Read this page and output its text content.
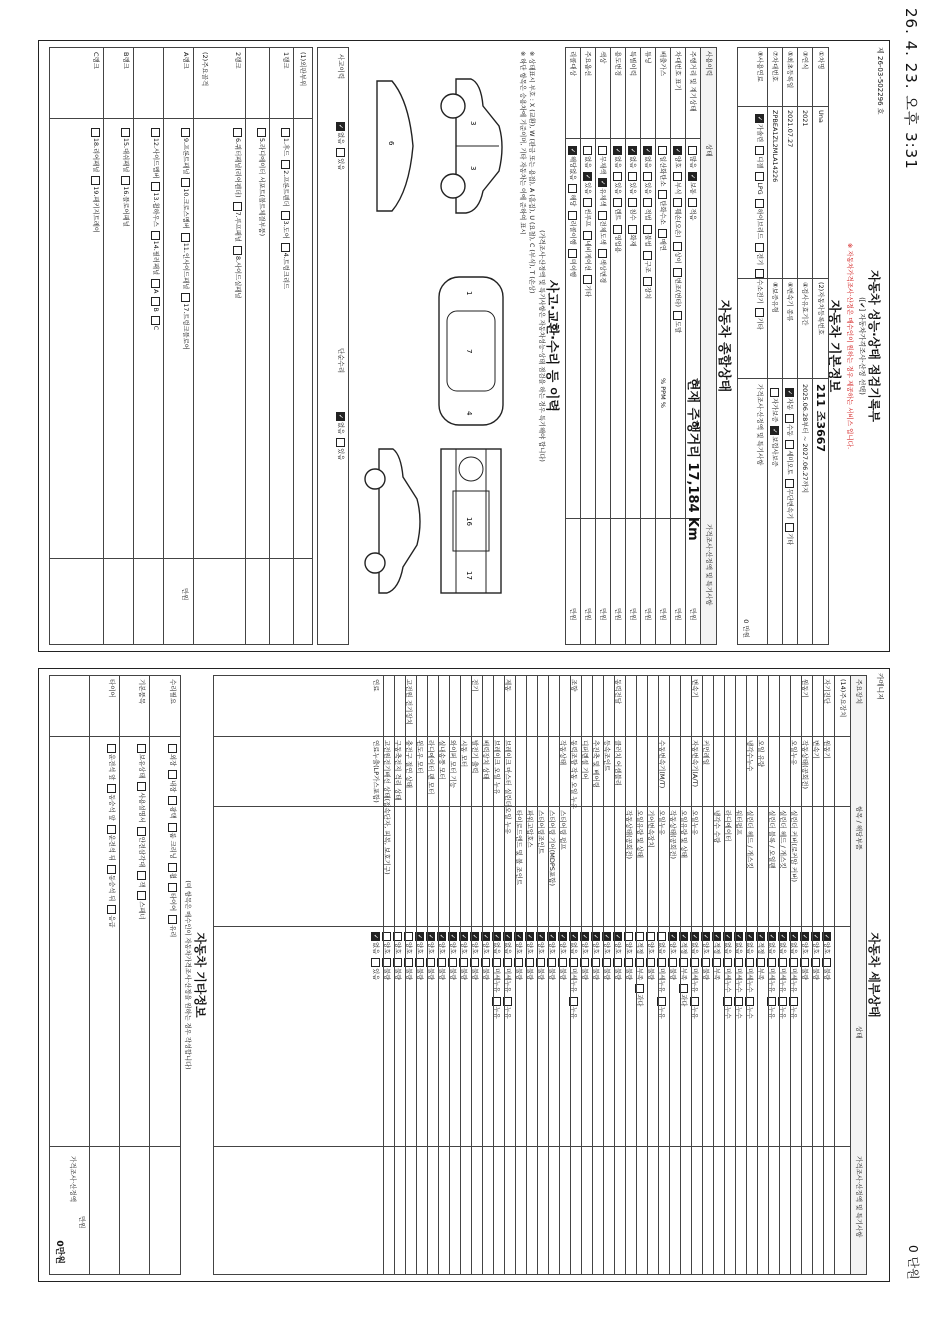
26. 4. 23. 오후 3:31
0 단원
제 26-03-502296 호
자동차 성능·상태 점검기록부
([✔] 자동차가격조사·산정 선택)
※ 자동차가격조사·산정은 매수인이 원하는 경우 제공하는 서비스 입니다.
자동차 기본정보
①차명
Una
(2)자동차등록번호
211 조3667
③연식
2021
④검사유효기간
2025.06.28부터 ~ 2027.06.27까지
⑤최초등록일
2021.07.27
⑥변속기 종류
✓자동수동세미오토무단변속기기타
⑦차대번호
ZPBEA1ZL2MLA14226
⑧보증유형
자가보증✓보험사보증
⑨사용연료
✓가솔린디젤LPG하이브리드전기수소전기기타
가격조사·산정액 및 특기사항
0 만원
자동차 종합상태
사용이력
상태
가격조사·산정액 및 특기사항
주행거리 및 계기상태
많음✓보통적음
현재 주행거리 17,184 Km
만원
차대번호 표기
✓양호부식훼손(오손)상이변조(변타)도말
만원
배출가스
일산화탄소탄화수소매연
% PPM %
만원
튜닝
✓없음있음적법불법구조장치
만원
특별이력
✓없음있음침수화재
만원
용도변경
✓없음있음렌트영업용
만원
색상
무채색✓유채색전체도색색상변경
만원
주요옵션
없음✓있음썬루프네비게이션기타
만원
리콜대상
✓해당없음해당리콜이행미이행
만원
사고·교환·수리 등 이력
(가격조사·산정액 및 특기사항은 자동차성능·상태 점검을 하는 경우 특기해야 합니다)
※ 상태표시 부호 : X (교환), W (판금 또는 용접), A (흠집), U (요철), C (부식), T (손상)
※ 하단 항목은 승용차에 기준이며, 기타 자동차는 이에 준하여 표시
3
3
1
7
4
16
17
6
사고이력
✓없음있음
단순수리
✓없음있음
(1)외판부위
(2)주요골격
만원
1랭크
1.후드2.프론트펜더3.도어4.트렁크리드
5.라디에이터 서포트(볼트체결부품)
2랭크
6.쿼터패널(리어펜더)7.루프패널8.사이드실패널
A랭크
9.프론트패널10.크로스멤버11.인사이드패널17.트렁크플로어
12.사이드멤버13.휠하우스14.필러패널ABC
B랭크
15.대쉬패널16.플로어패널
C랭크
18.리어패널19.패키지트레이
카메니저
자동차 세부상태
주요장치
항목 / 해당부품
상태
가격조사·산정액 및 특기사항
(14)주요장치
자기진단
원동기
✓양호불량
변속기
✓양호불량
원동기
작동상태(공회전)
✓양호불량
오일누유
실린더 커버(로커암 커버)
✓없음미세누유누유
실린더 헤드 / 개스킷
✓없음미세누유누유
실린더 블록 / 오일팬
✓없음미세누유누유
오일 유량
✓적정부족
냉각수누수
실린더 헤드 / 개스킷
✓없음미세누수누수
워터펌프
✓없음미세누수누수
라디에이터
✓없음미세누수누수
냉각수 수량
✓적정부족
커먼레일
✓양호불량
변속기
자동변속기(A/T)
오일누유
✓없음미세누유누유
오일유량 및 상태
✓적정부족과다
작동상태(공회전)
✓양호불량
수동변속기(M/T)
오일누유
없음미세누유누유
기어변속장치
양호불량
오일유량 및 상태
적정부족과다
작동상태(공회전)
양호불량
동력전달
클러치 어셈블리
✓양호불량
등속조인트
✓양호불량
추진축 및 베어링
✓양호불량
디퍼렌셜 기어
✓양호불량
조향
동력조향 작동 오일 누유
✓없음미세누유누유
작동상태
스티어링 펌프
✓양호불량
스티어링 기어(MDPS포함)
✓양호불량
스티어링조인트
✓양호불량
파워고압호스
✓양호불량
타이로드엔드 및 볼 조인트
✓양호불량
제동
브레이크 마스터 실린더오일 누유
✓없음미세누유누유
브레이크 오일 누유
✓없음미세누유누유
배력장치 상태
✓양호불량
전기
발전기 출력
✓양호불량
시동 모터
✓양호불량
와이퍼 모터 기능
✓양호불량
실내송풍 모터
✓양호불량
라디에이터 팬 모터
✓양호불량
윈도우 모터
✓양호불량
고전원 전기장치
충전구 절연 상태
양호불량
구동축전지 격리 상태
양호불량
고전원전기배선 상태(접속단자, 피복, 보호기구)
양호불량
연료
연료누출(LP가스포함)
✓없음있음
자동차 기타정보
(미 항목은 매수인이 자동차가격조사·산정을 원하는 경우 작성합니다)
가격조사·산정액
0만원
수리필요
외장내장광택룸 크리닝휠타이어유리
기본품목
보유상태사용설명서안전삼각대잭스패너
타이어
운전석 앞동승석 앞운전석 뒤동승석 뒤응급
만원
